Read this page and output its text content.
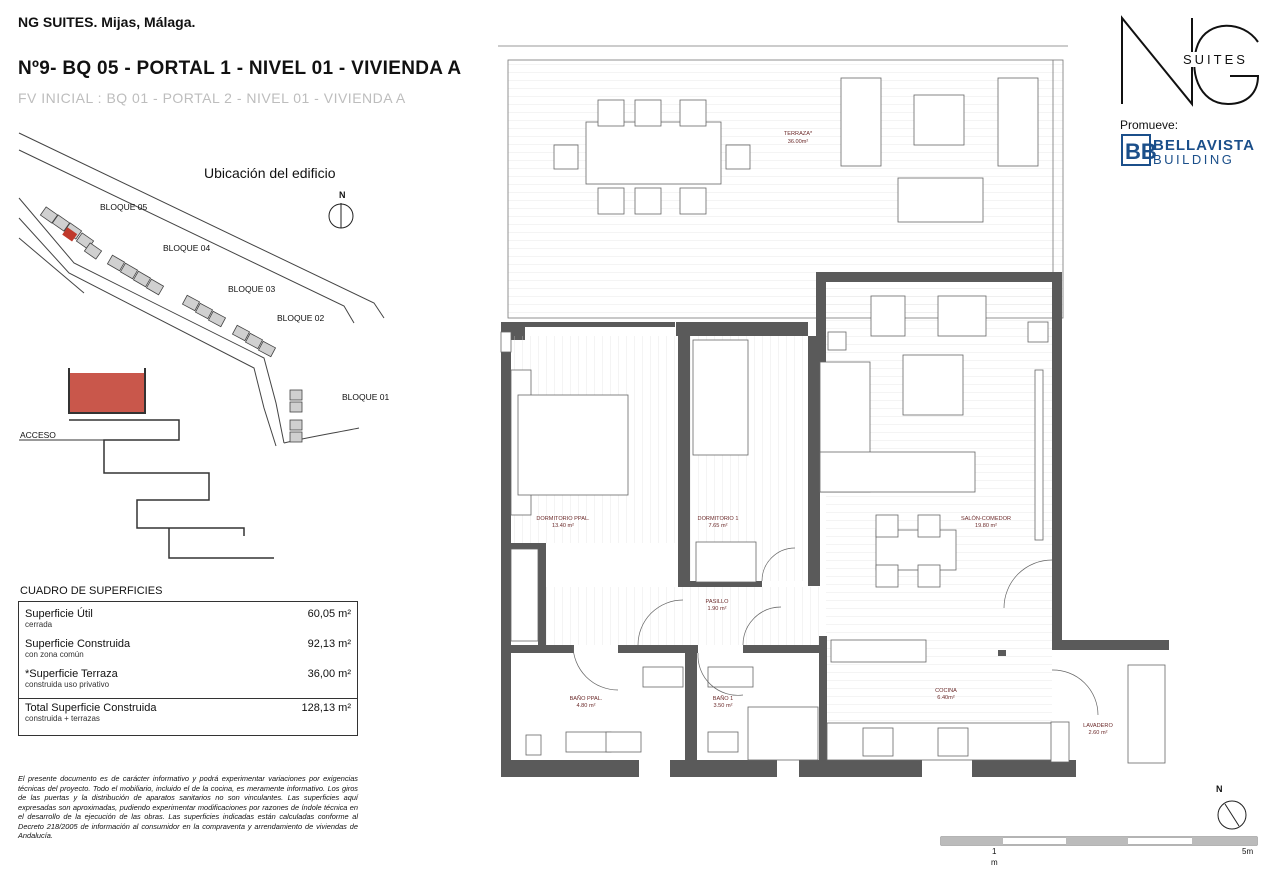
NG SUITES. Mijas, Málaga.
Nº9- BQ 05 - PORTAL 1 - NIVEL 01 - VIVIENDA A
FV INICIAL : BQ 01 - PORTAL 2 - NIVEL 01 - VIVIENDA A
Ubicación del edificio
N
BLOQUE 05
BLOQUE 04
BLOQUE 03
BLOQUE 02
BLOQUE 01
ACCESO
CUADRO DE SUPERFICIES
Superficie Útil
cerrada
60,05 m²
Superficie Construida
con zona común
92,13 m²
*Superficie Terraza
construida uso privativo
36,00 m²
Total Superficie Construida
construida + terrazas
128,13 m²
El presente documento es de carácter informativo y podrá experimentar variaciones por exigencias técnicas del proyecto. Todo el mobiliario, incluido el de la cocina, es meramente informativo. Los giros de las puertas y la distribución de aparatos sanitarios no son vinculantes. Las superficies aquí expresadas son aproximadas, pudiendo experimentar modificaciones por razones de índole técnica en el desarrollo de la ejecución de las obras. Las superficies indicadas están calculadas conforme al Decreto 218/2005 de información al consumidor en la compraventa y arrendamiento de viviendas de Andalucía.
SUITES
Promueve:
BB
BELLAVISTA
BUILDING
TERRAZA*
36.00m²
DORMITORIO PPAL.
13.40 m²
DORMITORIO 1
7.65 m²
SALÓN-COMEDOR
19.80 m²
PASILLO
1.90 m²
BAÑO PPAL.
4.80 m²
BAÑO 1
3.50 m²
COCINA
6.40m²
LAVADERO
2.60 m²
N
1
m
5m
